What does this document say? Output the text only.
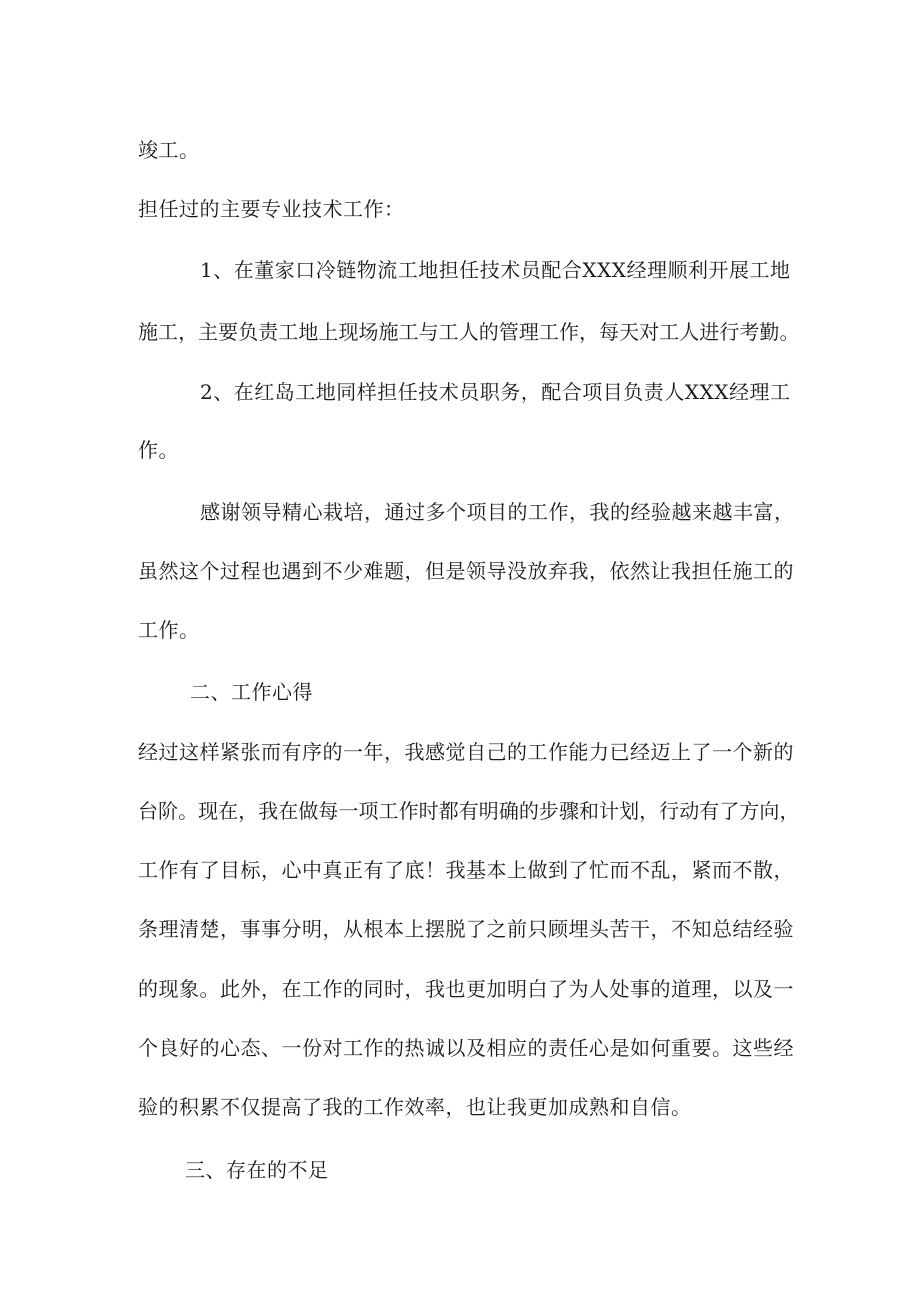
竣工。
担任过的主要专业技术工作：
1、在董家口冷链物流工地担任技术员配合XXX经理顺利开展工地
施工，主要负责工地上现场施工与工人的管理工作，每天对工人进行考勤。
2、在红岛工地同样担任技术员职务，配合项目负责人XXX经理工
作。
感谢领导精心栽培，通过多个项目的工作，我的经验越来越丰富，
虽然这个过程也遇到不少难题，但是领导没放弃我，依然让我担任施工的
工作。
二、工作心得
经过这样紧张而有序的一年，我感觉自己的工作能力已经迈上了一个新的
台阶。现在，我在做每一项工作时都有明确的步骤和计划，行动有了方向，
工作有了目标，心中真正有了底！我基本上做到了忙而不乱，紧而不散，
条理清楚，事事分明，从根本上摆脱了之前只顾埋头苦干，不知总结经验
的现象。此外，在工作的同时，我也更加明白了为人处事的道理，以及一
个良好的心态、一份对工作的热诚以及相应的责任心是如何重要。这些经
验的积累不仅提高了我的工作效率，也让我更加成熟和自信。
三、存在的不足
